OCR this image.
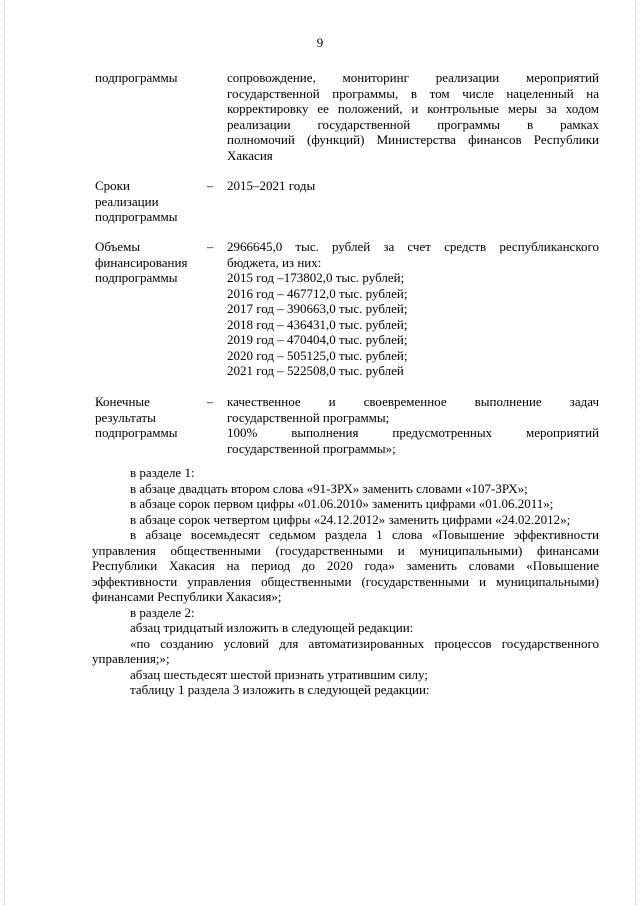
9
подпрограммы	сопровождение, мониторинг реализации мероприятий
государственной программы, в том числе нацеленный на
корректировку ее положений, и контрольные меры за ходом
реализации государственной программы в рамках
полномочий (функций) Министерства финансов Республики
Хакасия
Сроки
реализации
подпрограммы
– 2015–2021 годы
Объемы
финансирования
подпрограммы
– 2966645,0 тыс. рублей за счет средств республиканского
бюджета, из них:
2015 год –173802,0 тыс. рублей;
2016 год – 467712,0 тыс. рублей;
2017 год – 390663,0 тыс. рублей;
2018 год – 436431,0 тыс. рублей;
2019 год – 470404,0 тыс. рублей;
2020 год – 505125,0 тыс. рублей;
2021 год – 522508,0 тыс. рублей
Конечные
результаты
подпрограммы
– качественное и своевременное выполнение задач
государственной программы;
100% выполнения предусмотренных мероприятий
государственной программы»;
в разделе 1:
в абзаце двадцать втором слова «91-ЗРХ» заменить словами «107-ЗРХ»;
в абзаце сорок первом цифры «01.06.2010» заменить цифрами «01.06.2011»;
в абзаце сорок четвертом цифры «24.12.2012» заменить цифрами «24.02.2012»;
в абзаце восемьдесят седьмом раздела 1 слова «Повышение эффективности управления общественными (государственными и муниципальными) финансами Республики Хакасия на период до 2020 года» заменить словами «Повышение эффективности управления общественными (государственными и муниципальными) финансами Республики Хакасия»;
в разделе 2:
абзац тридцатый изложить в следующей редакции:
«по созданию условий для автоматизированных процессов государственного управления;»;
абзац шестьдесят шестой признать утратившим силу;
таблицу 1 раздела 3 изложить в следующей редакции:
